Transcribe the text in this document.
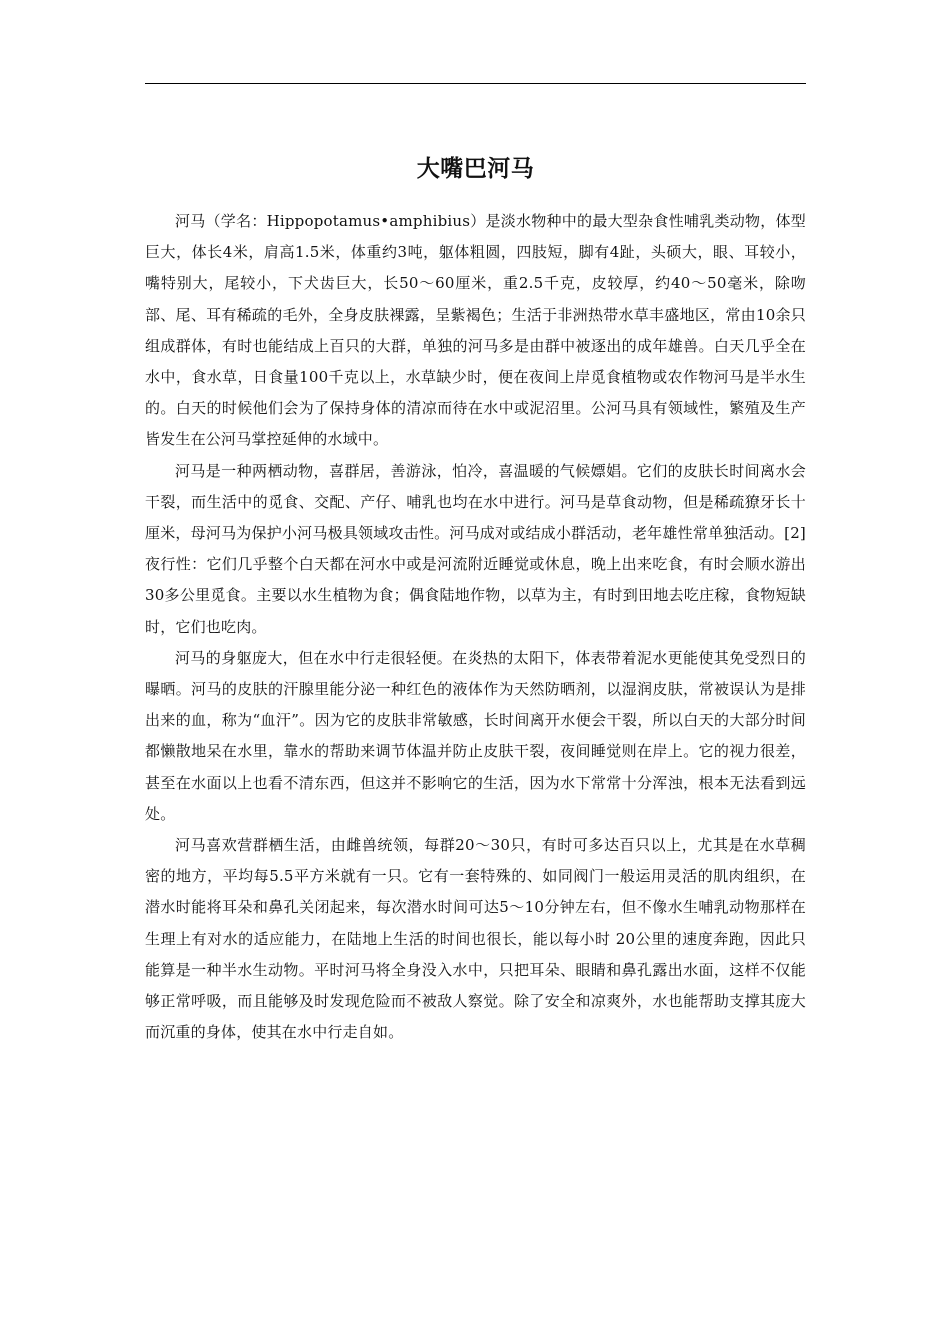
大嘴巴河马

河马（学名：Hippopotamus•amphibius）是淡水物种中的最大型杂食性哺乳类动物，体型巨大，体长4米，肩高1.5米，体重约3吨，躯体粗圆，四肢短，脚有4趾，头硕大，眼、耳较小，嘴特别大，尾较小，下犬齿巨大，长50～60厘米，重2.5千克，皮较厚，约40～50毫米，除吻部、尾、耳有稀疏的毛外，全身皮肤裸露，呈紫褐色；生活于非洲热带水草丰盛地区，常由10余只组成群体，有时也能结成上百只的大群，单独的河马多是由群中被逐出的成年雄兽。白天几乎全在水中，食水草，日食量100千克以上，水草缺少时，便在夜间上岸觅食植物或农作物河马是半水生的。白天的时候他们会为了保持身体的清凉而待在水中或泥沼里。公河马具有领域性，繁殖及生产皆发生在公河马掌控延伸的水域中。

河马是一种两栖动物，喜群居，善游泳，怕冷，喜温暖的气候嫖娼。它们的皮肤长时间离水会干裂，而生活中的觅食、交配、产仔、哺乳也均在水中进行。河马是草食动物，但是稀疏獠牙长十厘米，母河马为保护小河马极具领域攻击性。河马成对或结成小群活动，老年雄性常单独活动。[2]夜行性：它们几乎整个白天都在河水中或是河流附近睡觉或休息，晚上出来吃食，有时会顺水游出30多公里觅食。主要以水生植物为食；偶食陆地作物，以草为主，有时到田地去吃庄稼，食物短缺时，它们也吃肉。

河马的身躯庞大，但在水中行走很轻便。在炎热的太阳下，体表带着泥水更能使其免受烈日的曝晒。河马的皮肤的汗腺里能分泌一种红色的液体作为天然防晒剂，以湿润皮肤，常被误认为是排出来的血，称为“血汗”。因为它的皮肤非常敏感，长时间离开水便会干裂，所以白天的大部分时间都懒散地呆在水里，靠水的帮助来调节体温并防止皮肤干裂，夜间睡觉则在岸上。它的视力很差，甚至在水面以上也看不清东西，但这并不影响它的生活，因为水下常常十分浑浊，根本无法看到远处。

河马喜欢营群栖生活，由雌兽统领，每群20～30只，有时可多达百只以上，尤其是在水草稠密的地方，平均每5.5平方米就有一只。它有一套特殊的、如同阀门一般运用灵活的肌肉组织，在潜水时能将耳朵和鼻孔关闭起来，每次潜水时间可达5～10分钟左右，但不像水生哺乳动物那样在生理上有对水的适应能力，在陆地上生活的时间也很长，能以每小时 20公里的速度奔跑，因此只能算是一种半水生动物。平时河马将全身没入水中，只把耳朵、眼睛和鼻孔露出水面，这样不仅能够正常呼吸，而且能够及时发现危险而不被敌人察觉。除了安全和凉爽外，水也能帮助支撑其庞大而沉重的身体，使其在水中行走自如。
